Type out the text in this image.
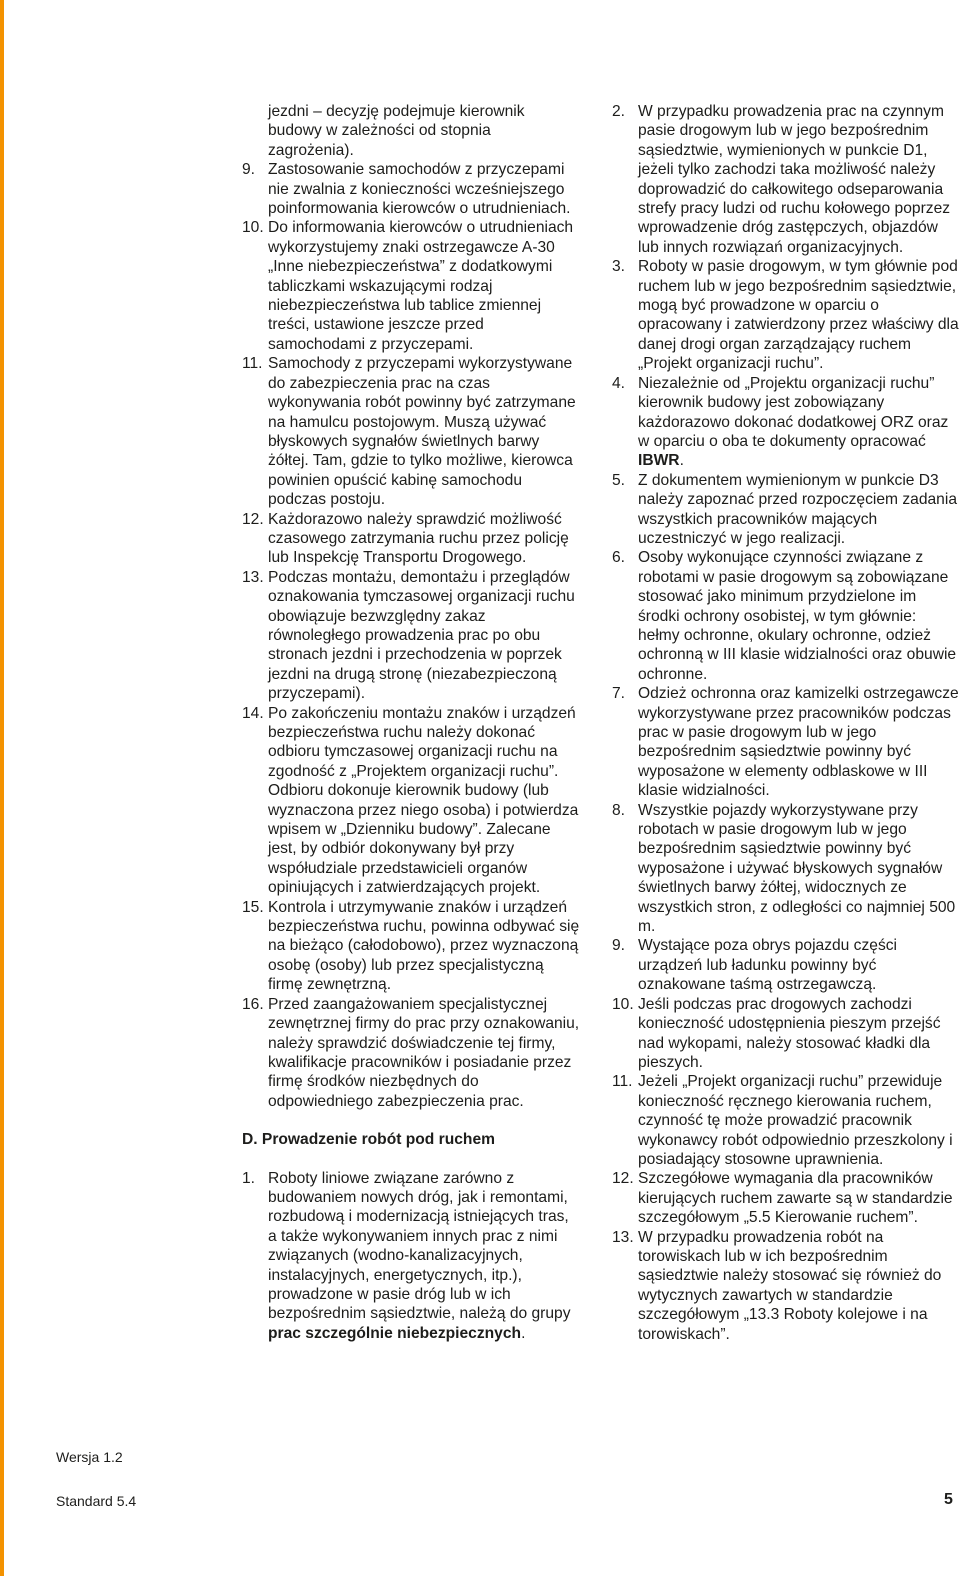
jezdni – decyzję podejmuje kierownik budowy w zależności od stopnia zagrożenia).

9. Zastosowanie samochodów z przyczepami nie zwalnia z konieczności wcześniejszego poinformowania kierowców o utrudnieniach.
10. Do informowania kierowców o utrudnieniach wykorzystujemy znaki ostrzegawcze A-30 „Inne niebezpieczeństwa” z dodatkowymi tabliczkami wskazującymi rodzaj niebezpieczeństwa lub tablice zmiennej treści, ustawione jeszcze przed samochodami z przyczepami.
11. Samochody z przyczepami wykorzystywane do zabezpieczenia prac na czas wykonywania robót powinny być zatrzymane na hamulcu postojowym. Muszą używać błyskowych sygnałów świetlnych barwy żółtej. Tam, gdzie to tylko możliwe, kierowca powinien opuścić kabinę samochodu podczas postoju.
12. Każdorazowo należy sprawdzić możliwość czasowego zatrzymania ruchu przez policję lub Inspekcję Transportu Drogowego.
13. Podczas montażu, demontażu i przeglądów oznakowania tymczasowej organizacji ruchu obowiązuje bezwzględny zakaz równoległego prowadzenia prac po obu stronach jezdni i przechodzenia w poprzek jezdni na drugą stronę (niezabezpieczoną przyczepami).
14. Po zakończeniu montażu znaków i urządzeń bezpieczeństwa ruchu należy dokonać odbioru tymczasowej organizacji ruchu na zgodność z „Projektem organizacji ruchu”. Odbioru dokonuje kierownik budowy (lub wyznaczona przez niego osoba) i potwierdza wpisem w „Dzienniku budowy”. Zalecane jest, by odbiór dokonywany był przy współudziale przedstawicieli organów opiniujących i zatwierdzających projekt.
15. Kontrola i utrzymywanie znaków i urządzeń bezpieczeństwa ruchu, powinna odbywać się na bieżąco (całodobowo), przez wyznaczoną osobę (osoby) lub przez specjalistyczną firmę zewnętrzną.
16. Przed zaangażowaniem specjalistycznej zewnętrznej firmy do prac przy oznakowaniu, należy sprawdzić doświadczenie tej firmy, kwalifikacje pracowników i posiadanie przez firmę środków niezbędnych do odpowiedniego zabezpieczenia prac.

D. Prowadzenie robót pod ruchem

1. Roboty liniowe związane zarówno z budowaniem nowych dróg, jak i remontami, rozbudową i modernizacją istniejących tras, a także wykonywaniem innych prac z nimi związanych (wodno-kanalizacyjnych, instalacyjnych, energetycznych, itp.), prowadzone w pasie dróg lub w ich bezpośrednim sąsiedztwie, należą do grupy prac szczególnie niebezpiecznych.
2. W przypadku prowadzenia prac na czynnym pasie drogowym lub w jego bezpośrednim sąsiedztwie, wymienionych w punkcie D1, jeżeli tylko zachodzi taka możliwość należy doprowadzić do całkowitego odseparowania strefy pracy ludzi od ruchu kołowego poprzez wprowadzenie dróg zastępczych, objazdów lub innych rozwiązań organizacyjnych.
3. Roboty w pasie drogowym, w tym głównie pod ruchem lub w jego bezpośrednim sąsiedztwie, mogą być prowadzone w oparciu o opracowany i zatwierdzony przez właściwy dla danej drogi organ zarządzający ruchem „Projekt organizacji ruchu”.
4. Niezależnie od „Projektu organizacji ruchu” kierownik budowy jest zobowiązany każdorazowo dokonać dodatkowej ORZ oraz w oparciu o oba te dokumenty opracować IBWR.
5. Z dokumentem wymienionym w punkcie D3 należy zapoznać przed rozpoczęciem zadania wszystkich pracowników mających uczestniczyć w jego realizacji.
6. Osoby wykonujące czynności związane z robotami w pasie drogowym są zobowiązane stosować jako minimum przydzielone im środki ochrony osobistej, w tym głównie: hełmy ochronne, okulary ochronne, odzież ochronną w III klasie widzialności oraz obuwie ochronne.
7. Odzież ochronna oraz kamizelki ostrzegawcze wykorzystywane przez pracowników podczas prac w pasie drogowym lub w jego bezpośrednim sąsiedztwie powinny być wyposażone w elementy odblaskowe w III klasie widzialności.
8. Wszystkie pojazdy wykorzystywane przy robotach w pasie drogowym lub w jego bezpośrednim sąsiedztwie powinny być wyposażone i używać błyskowych sygnałów świetlnych barwy żółtej, widocznych ze wszystkich stron, z odległości co najmniej 500 m.
9. Wystające poza obrys pojazdu części urządzeń lub ładunku powinny być oznakowane taśmą ostrzegawczą.
10. Jeśli podczas prac drogowych zachodzi konieczność udostępnienia pieszym przejść nad wykopami, należy stosować kładki dla pieszych.
11. Jeżeli „Projekt organizacji ruchu” przewiduje konieczność ręcznego kierowania ruchem, czynność tę może prowadzić pracownik wykonawcy robót odpowiednio przeszkolony i posiadający stosowne uprawnienia.
12. Szczegółowe wymagania dla pracowników kierujących ruchem zawarte są w standardzie szczegółowym „5.5 Kierowanie ruchem”.
13. W przypadku prowadzenia robót na torowiskach lub w ich bezpośrednim sąsiedztwie należy stosować się również do wytycznych zawartych w standardzie szczegółowym „13.3 Roboty kolejowe i na torowiskach”.
Wersja 1.2
Standard 5.4	5
